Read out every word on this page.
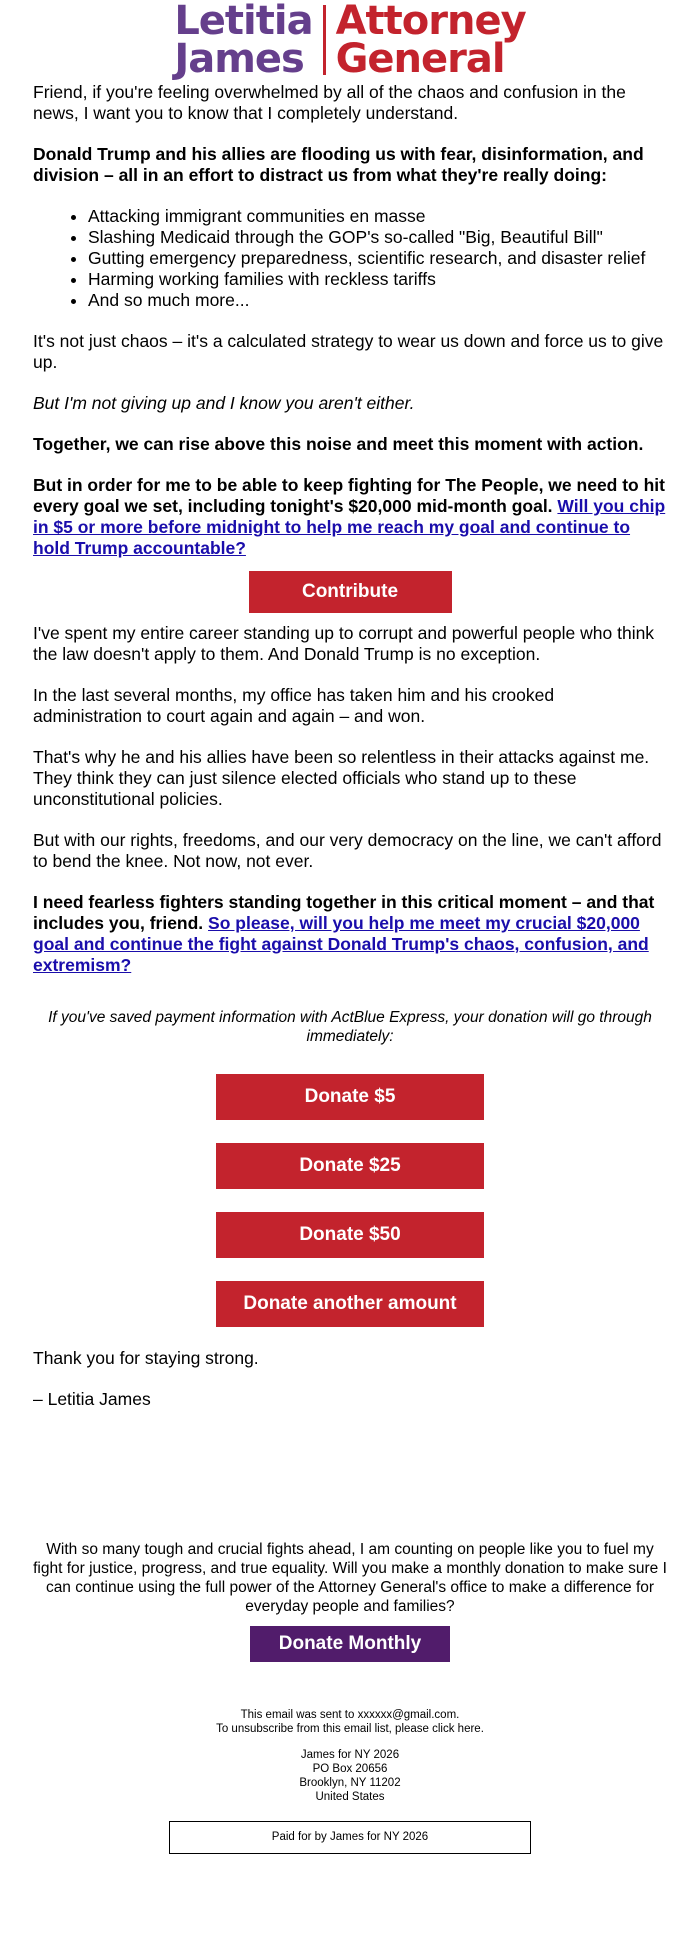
Letitia
James
Attorney
General

Friend, if you're feeling overwhelmed by all of the chaos and confusion in the news, I want you to know that I completely understand.

Donald Trump and his allies are flooding us with fear, disinformation, and division – all in an effort to distract us from what they're really doing:

• Attacking immigrant communities en masse
• Slashing Medicaid through the GOP's so-called "Big, Beautiful Bill"
• Gutting emergency preparedness, scientific research, and disaster relief
• Harming working families with reckless tariffs
• And so much more...

It's not just chaos – it's a calculated strategy to wear us down and force us to give up.

But I'm not giving up and I know you aren't either.

Together, we can rise above this noise and meet this moment with action.

But in order for me to be able to keep fighting for The People, we need to hit every goal we set, including tonight's $20,000 mid-month goal. Will you chip in $5 or more before midnight to help me reach my goal and continue to hold Trump accountable?

Contribute

I've spent my entire career standing up to corrupt and powerful people who think the law doesn't apply to them. And Donald Trump is no exception.

In the last several months, my office has taken him and his crooked administration to court again and again – and won.

That's why he and his allies have been so relentless in their attacks against me. They think they can just silence elected officials who stand up to these unconstitutional policies.

But with our rights, freedoms, and our very democracy on the line, we can't afford to bend the knee. Not now, not ever.

I need fearless fighters standing together in this critical moment – and that includes you, friend. So please, will you help me meet my crucial $20,000 goal and continue the fight against Donald Trump's chaos, confusion, and extremism?

If you've saved payment information with ActBlue Express, your donation will go through immediately:

Donate $5
Donate $25
Donate $50
Donate another amount

Thank you for staying strong.

– Letitia James

With so many tough and crucial fights ahead, I am counting on people like you to fuel my fight for justice, progress, and true equality. Will you make a monthly donation to make sure I can continue using the full power of the Attorney General's office to make a difference for everyday people and families?

Donate Monthly

This email was sent to xxxxxx@gmail.com.

To unsubscribe from this email list, please click here.

James for NY 2026

PO Box 20656

Brooklyn, NY 11202

United States

Paid for by James for NY 2026
